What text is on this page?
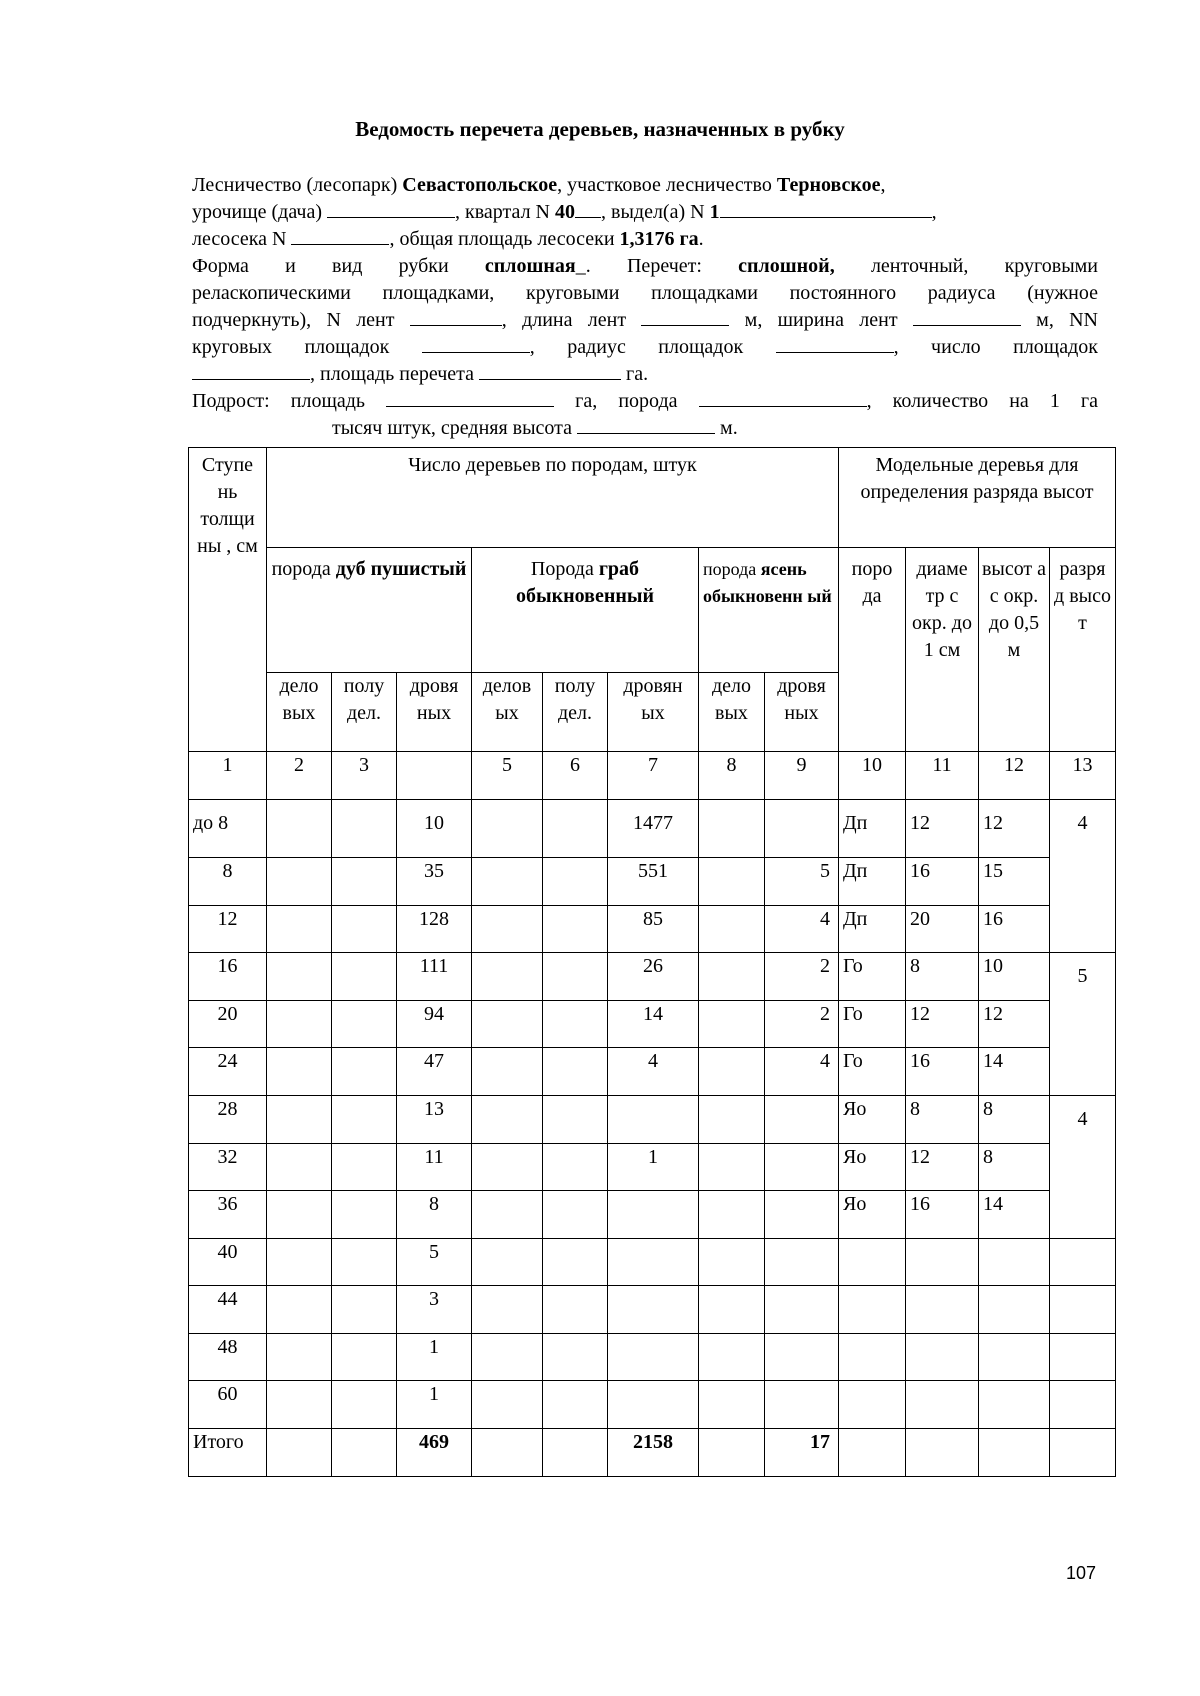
Ведомость перечета деревьев, назначенных в рубку

Лесничество (лесопарк) Севастопольское, участковое лесничество Терновское,

урочище (дача)	, квартал N 40 , выдел(а) N 1	,

лесосека N	, общая площадь лесосеки 1,3176 га.

Форма и вид рубки сплошная_. Перечет: сплошной, ленточный, круговыми

реласкопическими площадками, круговыми площадками постоянного радиуса (нужное

подчеркнуть), N лент	, длина лент	м, ширина лент	м, NN

круговых площадок	, радиус площадок	, число площадок

, площадь перечета	га.

Подрост: площадь	га, порода	, количество на 1 га

тысяч штук, средняя высота	м.

Ступе нь толщи ны , см	Число деревьев по породам, штук								Модельные деревья для определения разряда высот			
	порода дуб пушистый			Порода граб обыкновенный			порода ясень обыкновенн ый		поро да	диаме тр с окр. до 1 см	высот а с окр. до 0,5 м	разря д высо т
	дело вых	полу дел.	дровя ных	делов ых	полу дел.	дровян ых	дело вых	дровя ных				
1	2	3		5	6	7	8	9	10	11	12	13
до 8			10			1477			Дп	12	12	4
8			35			551		5	Дп	16	15	
12			128			85		4	Дп	20	16	
16			111			26		2	Го	8	10	5
20			94			14		2	Го	12	12	
24			47			4		4	Го	16	14	
28			13						Яо	8	8	4
32			11			1			Яо	12	8	
36			8						Яо	16	14	
40			5									
44			3									
48			1									
60			1									
Итого			469			2158		17				
107
